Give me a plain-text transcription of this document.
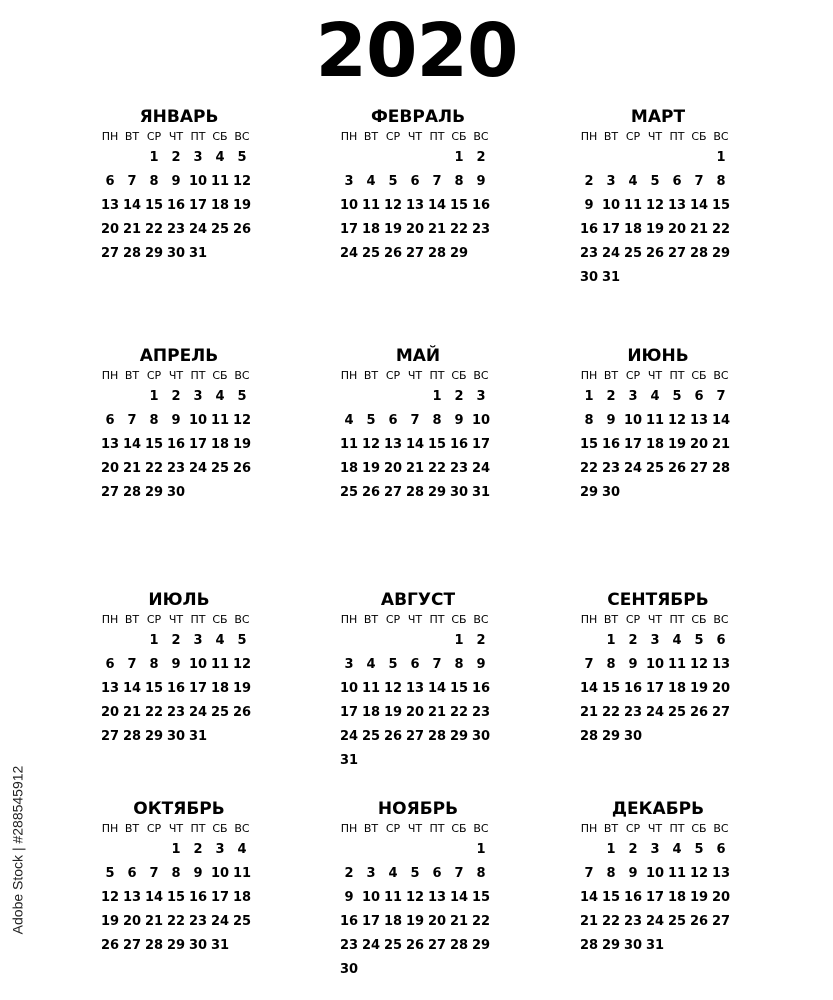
2020
ЯНВАРЬ
ПН ВТ СР ЧТ ПТ СБ ВС
1 2 3 4 5
6 7 8 9 10 11 12
13 14 15 16 17 18 19
20 21 22 23 24 25 26
27 28 29 30 31
ФЕВРАЛЬ
ПН ВТ СР ЧТ ПТ СБ ВС
1 2
3 4 5 6 7 8 9
10 11 12 13 14 15 16
17 18 19 20 21 22 23
24 25 26 27 28 29
МАРТ
ПН ВТ СР ЧТ ПТ СБ ВС
1
2 3 4 5 6 7 8
9 10 11 12 13 14 15
16 17 18 19 20 21 22
23 24 25 26 27 28 29
30 31
АПРЕЛЬ
ПН ВТ СР ЧТ ПТ СБ ВС
1 2 3 4 5
6 7 8 9 10 11 12
13 14 15 16 17 18 19
20 21 22 23 24 25 26
27 28 29 30
МАЙ
ПН ВТ СР ЧТ ПТ СБ ВС
1 2 3
4 5 6 7 8 9 10
11 12 13 14 15 16 17
18 19 20 21 22 23 24
25 26 27 28 29 30 31
ИЮНЬ
ПН ВТ СР ЧТ ПТ СБ ВС
1 2 3 4 5 6 7
8 9 10 11 12 13 14
15 16 17 18 19 20 21
22 23 24 25 26 27 28
29 30
ИЮЛЬ
ПН ВТ СР ЧТ ПТ СБ ВС
1 2 3 4 5
6 7 8 9 10 11 12
13 14 15 16 17 18 19
20 21 22 23 24 25 26
27 28 29 30 31
АВГУСТ
ПН ВТ СР ЧТ ПТ СБ ВС
1 2
3 4 5 6 7 8 9
10 11 12 13 14 15 16
17 18 19 20 21 22 23
24 25 26 27 28 29 30
31
СЕНТЯБРЬ
ПН ВТ СР ЧТ ПТ СБ ВС
1 2 3 4 5 6
7 8 9 10 11 12 13
14 15 16 17 18 19 20
21 22 23 24 25 26 27
28 29 30
ОКТЯБРЬ
ПН ВТ СР ЧТ ПТ СБ ВС
1 2 3 4
5 6 7 8 9 10 11
12 13 14 15 16 17 18
19 20 21 22 23 24 25
26 27 28 29 30 31
НОЯБРЬ
ПН ВТ СР ЧТ ПТ СБ ВС
1
2 3 4 5 6 7 8
9 10 11 12 13 14 15
16 17 18 19 20 21 22
23 24 25 26 27 28 29
30
ДЕКАБРЬ
ПН ВТ СР ЧТ ПТ СБ ВС
1 2 3 4 5 6
7 8 9 10 11 12 13
14 15 16 17 18 19 20
21 22 23 24 25 26 27
28 29 30 31
Adobe Stock | #288545912
